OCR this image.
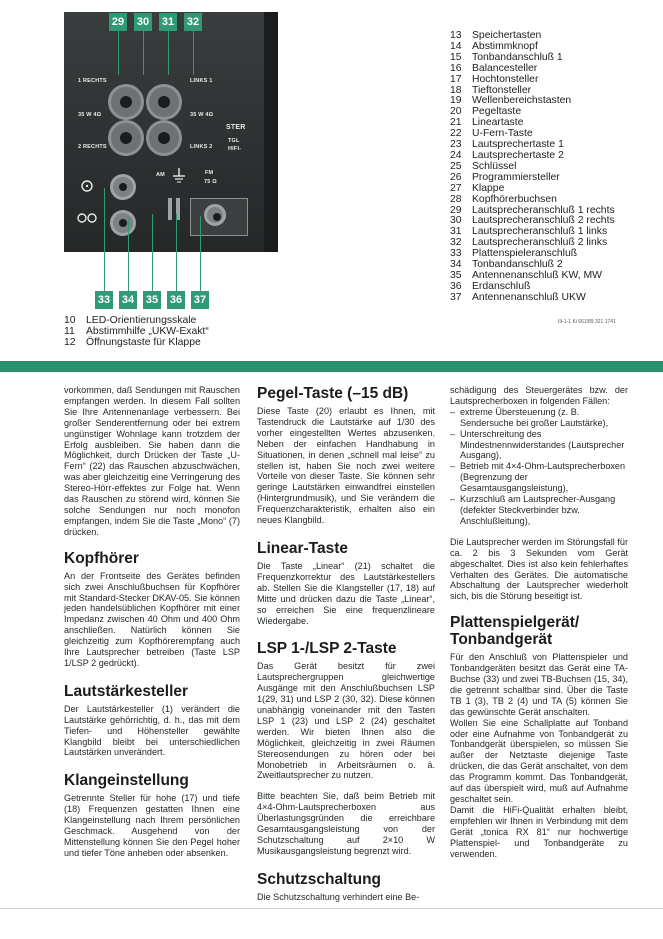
1 RECHTS	LINKS 1
35 W 4Ω	35 W 4Ω
2 RECHTS	LINKS 2
STER
TGL
HIFI-
AM	FM
75 Ω
29 30 31 32
33 34 35 36 37
13	Speichertasten
14	Abstimmknopf
15	Tonbandanschluß 1
16	Balancesteller
17	Hochtonsteller
18	Tieftonsteller
19	Wellenbereichstasten
20	Pegeltaste
21	Lineartaste
22	U-Fern-Taste
23	Lautsprechertaste 1
24	Lautsprechertaste 2
25	Schlüssel
26	Programmiersteller
27	Klappe
28	Kopfhörerbuchsen
29	Lautsprecheranschluß 1 rechts
30	Lautsprecheranschluß 2 rechts
31	Lautsprecheranschluß 1 links
32	Lautsprecheranschluß 2 links
33	Plattenspieleranschluß
34	Tonbandanschluß 2
35	Antennenanschluß KW, MW
36	Erdanschluß
37	Antennenanschluß UKW
10	LED-Orientierungsskale
11	Abstimmhilfe „UKW-Exakt“
12	Öffnungstaste für Klappe
III-1-1 Ki 661/89 321 1741

vorkommen, daß Sendungen mit Rauschen empfangen werden. In diesem Fall sollten Sie Ihre Antennenanlage verbessern. Bei großer Senderentfernung oder bei extrem ungünstiger Wohnlage kann trotzdem der Erfolg ausbleiben. Sie haben dann die Möglichkeit, durch Drücken der Taste „U-Fern“ (22) das Rauschen abzuschwächen, was aber gleichzeitig eine Verringerung des Stereo-Hörr-effektes zur Folge hat. Wenn das Rauschen zu störend wird, können Sie solche Sendungen nur noch monofon empfangen, indem Sie die Taste „Mono“ (7) drücken.

Kopfhörer

An der Frontseite des Gerätes befinden sich zwei Anschlußbuchsen für Kopfhörer mit Standard-Stecker DKAV-05. Sie können jeden handelsüblichen Kopfhörer mit einer Impedanz zwischen 40 Ohm und 400 Ohm anschließen. Natürlich können Sie gleichzeitig zum Kopfhörerempfang auch Ihre Lautsprecher betreiben (Taste LSP 1/LSP 2 gedrückt).

Lautstärkesteller

Der Lautstärkesteller (1) verändert die Lautstärke gehörrichtig, d. h., das mit dem Tiefen- und Höhensteller gewählte Klangbild bleibt bei unterschiedlichen Lautstärken unverändert.

Klangeinstellung

Getrennte Steller für hohe (17) und tiefe (18) Frequenzen gestatten Ihnen eine Klangeinstellung nach Ihrem persönlichen Geschmack. Ausgehend von der Mittenstellung können Sie den Pegel hoher und tiefer Töne anheben oder absenken.

Pegel-Taste (–15 dB)

Diese Taste (20) erlaubt es Ihnen, mit Tastendruck die Lautstärke auf 1/30 des vorher eingestellten Wertes abzusenken. Neben der einfachen Handhabung in Situationen, in denen „schnell mal leise“ zu stellen ist, haben Sie noch zwei weitere Vorteile von dieser Taste. Sie können sehr geringe Lautstärken einwandfrei einstellen (Hintergrundmusik), und Sie verändern die Frequenzcharakteristik, erhalten also ein neues Klangbild.

Linear-Taste

Die Taste „Linear“ (21) schaltet die Frequenzkorrektur des Lautstärkestellers ab. Stellen Sie die Klangsteller (17, 18) auf Mitte und drücken dazu die Taste „Linear“, so erreichen Sie eine frequenzlineare Wiedergabe.

LSP 1-/LSP 2-Taste

Das Gerät besitzt für zwei Lautsprechergruppen gleichwertige Ausgänge mit den Anschlußbuchsen LSP 1(29, 31) und LSP 2 (30, 32). Diese können unabhängig voneinander mit den Tasten LSP 1 (23) und LSP 2 (24) geschaltet werden. Wir bieten Ihnen also die Möglichkeit, gleichzeitig in zwei Räumen Stereosendungen zu hören oder bei Monobetrieb in Arbeitsräumen o. ä. Zweitlautsprecher zu nutzen.

Bitte beachten Sie, daß beim Betrieb mit 4×4-Ohm-Lautsprecherboxen aus Überlastungsgründen die erreichbare Gesamtausgangsleistung von der Schutzschaltung auf 2×10 W Musikausgangsleistung begrenzt wird.

Schutzschaltung

Die Schutzschaltung verhindert eine Be-

schädigung des Steuergerätes bzw. der Lautsprecherboxen in folgenden Fällen:

– extreme Übersteuerung (z. B. Sendersuche bei großer Lautstärke),
– Unterschreitung des Mindestnennwiderstandes (Lautsprecher Ausgang),
– Betrieb mit 4×4-Ohm-Lautsprecherboxen (Begrenzung der Gesamtausgangsleistung),
– Kurzschluß am Lautsprecher-Ausgang (defekter Steckverbinder bzw. Anschlußleitung),

Die Lautsprecher werden im Störungsfall für ca. 2 bis 3 Sekunden vom Gerät abgeschaltet. Dies ist also kein fehlerhaftes Verhalten des Gerätes. Die automatische Abschaltung der Lautsprecher wiederholt sich, bis die Störung beseitigt ist.

Plattenspielgerät/ Tonbandgerät

Für den Anschluß von Plattenspieler und Tonbandgeräten besitzt das Gerät eine TA-Buchse (33) und zwei TB-Buchsen (15, 34), die getrennt schaltbar sind. Über die Taste TB 1 (3), TB 2 (4) und TA (5) können Sie das gewünschte Gerät anschalten.

Wollen Sie eine Schallplatte auf Tonband oder eine Aufnahme von Tonbandgerät zu Tonbandgerät überspielen, so müssen Sie außer der Netztaste diejenige Taste drücken, die das Gerät anschaltet, von dem das Programm kommt. Das Tonbandgerät, auf das überspielt wird, muß auf Aufnahme geschaltet sein.

Damit die HiFi-Qualität erhalten bleibt, empfehlen wir Ihnen in Verbindung mit dem Gerät „tonica RX 81“ nur hochwertige Plattenspiel- und Tonbandgeräte zu verwenden.
